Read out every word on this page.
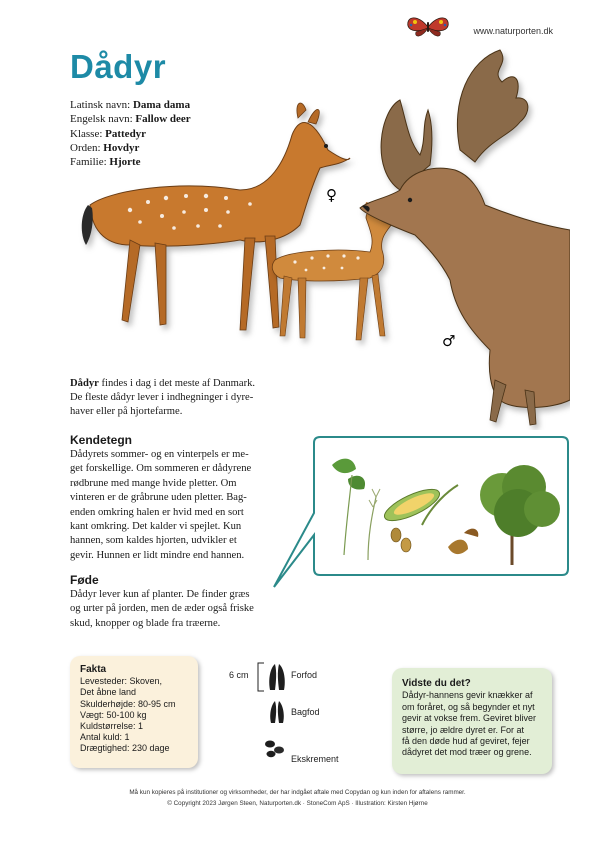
www.naturporten.dk
Dådyr
Latinsk navn: Dama dama
Engelsk navn: Fallow deer
Klasse: Pattedyr
Orden: Hovdyr
Familie: Hjorte
♀
♂
Dådyr findes i dag i det meste af Danmark.
De fleste dådyr lever i indhegninger i dyre-
haver eller på hjortefarme.
Kendetegn
Dådyrets sommer- og en vinterpels er me-
get forskellige. Om sommeren er dådyrene
rødbrune med mange hvide pletter. Om
vinteren er de gråbrune uden pletter. Bag-
enden omkring halen er hvid med en sort
kant omkring. Det kalder vi spejlet. Kun
hannen, som kaldes hjorten, udvikler et
gevir. Hunnen er lidt mindre end hannen.
Føde
Dådyr lever kun af planter. De finder græs
og urter på jorden, men de æder også friske
skud, knopper og blade fra træerne.
Fakta
Levesteder: Skoven,
Det åbne land
Skulderhøjde: 80-95 cm
Vægt: 50-100 kg
Kuldstørrelse: 1
Antal kuld: 1
Drægtighed: 230 dage
6 cm	Forfod
Bagfod
Ekskrement
Vidste du det?
Dådyr-hannens gevir knækker af
om foråret, og så begynder et nyt
gevir at vokse frem. Geviret bliver
større, jo ældre dyret er. For at
få den døde hud af geviret, fejer
dådyret det mod træer og grene.
Må kun kopieres på institutioner og virksomheder, der har indgået aftale med Copydan og kun inden for aftalens rammer.
© Copyright 2023 Jørgen Steen, Naturporten.dk · StoneCom ApS · Illustration: Kirsten Hjørne
